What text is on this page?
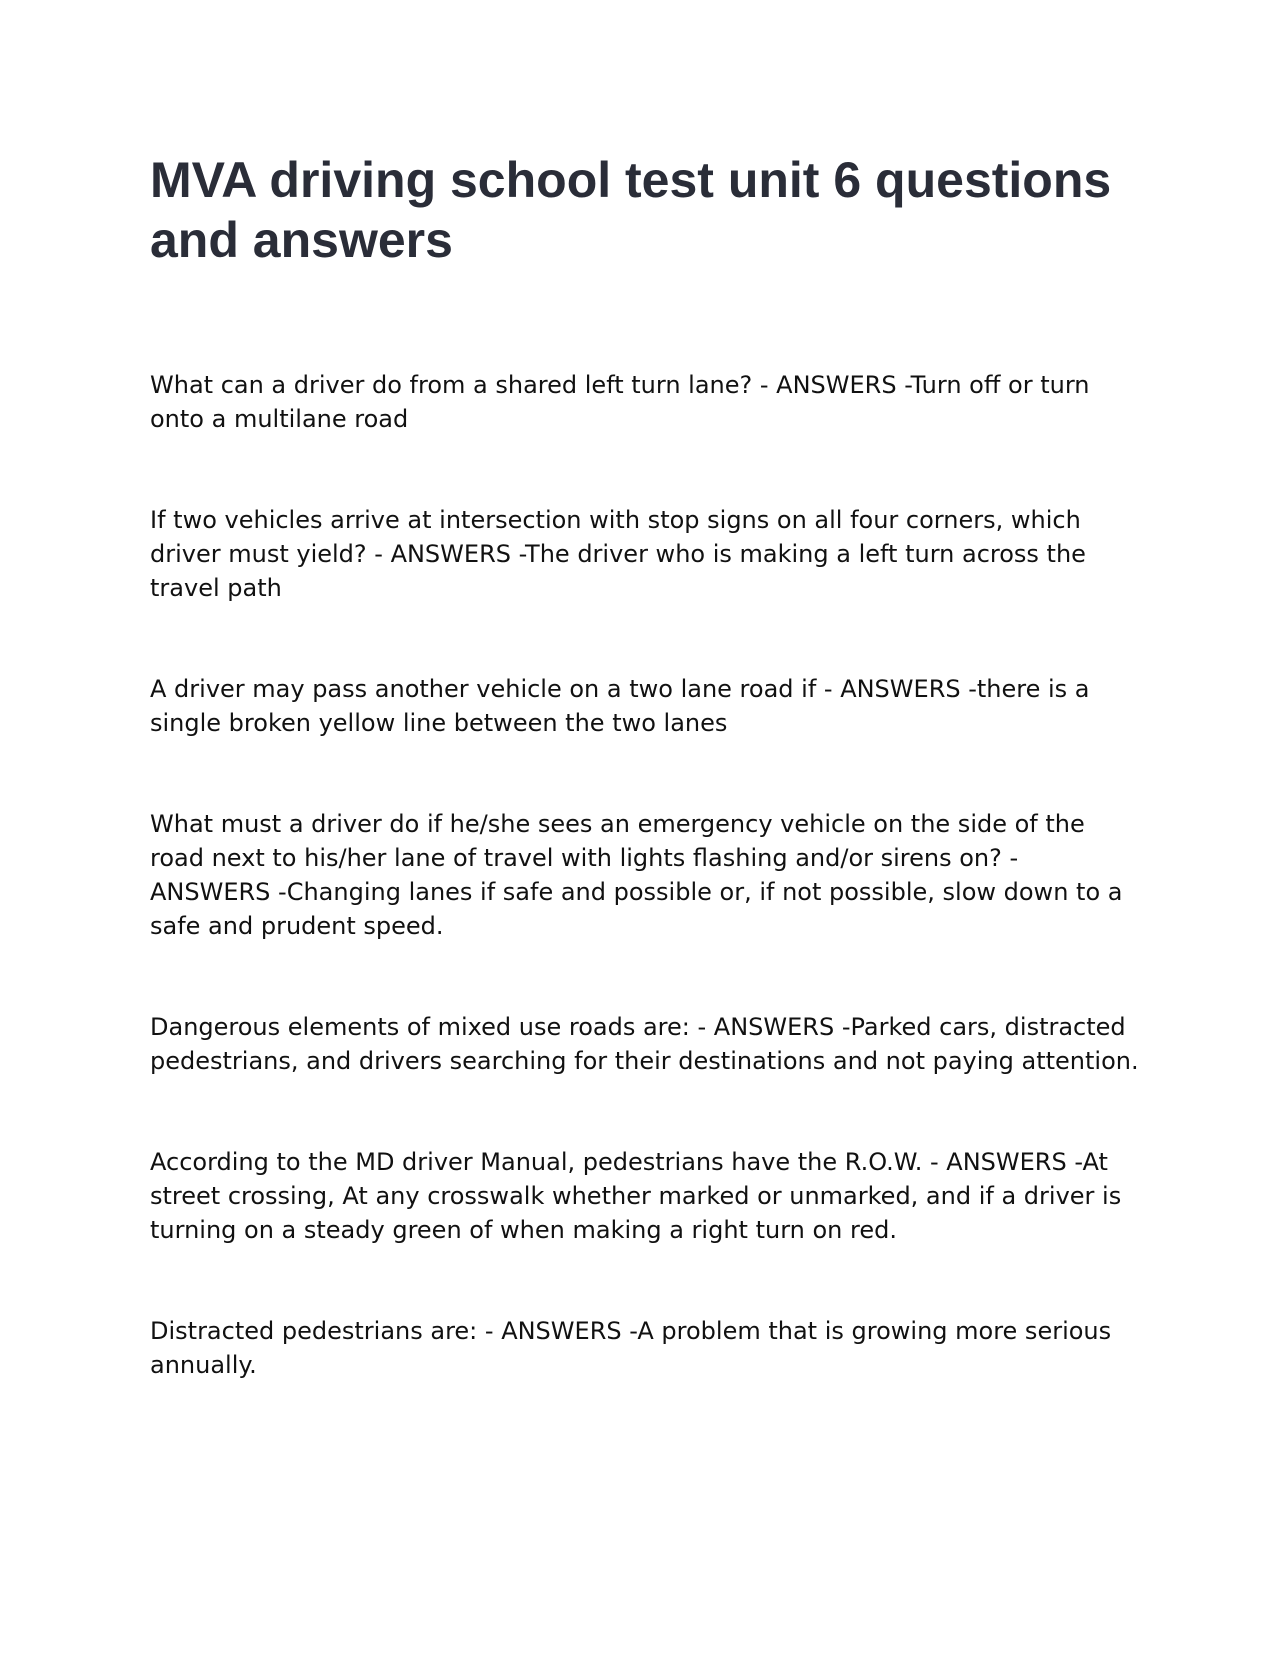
MVA driving school test unit 6 questions and answers

What can a driver do from a shared left turn lane? - ANSWERS -Turn off or turn onto a multilane road

If two vehicles arrive at intersection with stop signs on all four corners, which driver must yield? - ANSWERS -The driver who is making a left turn across the travel path

A driver may pass another vehicle on a two lane road if - ANSWERS -there is a single broken yellow line between the two lanes

What must a driver do if he/she sees an emergency vehicle on the side of the road next to his/her lane of travel with lights flashing and/or sirens on? - ANSWERS -Changing lanes if safe and possible or, if not possible, slow down to a safe and prudent speed.

Dangerous elements of mixed use roads are: - ANSWERS -Parked cars, distracted pedestrians, and drivers searching for their destinations and not paying attention.

According to the MD driver Manual, pedestrians have the R.O.W. - ANSWERS -At street crossing, At any crosswalk whether marked or unmarked, and if a driver is turning on a steady green of when making a right turn on red.

Distracted pedestrians are: - ANSWERS -A problem that is growing more serious annually.
